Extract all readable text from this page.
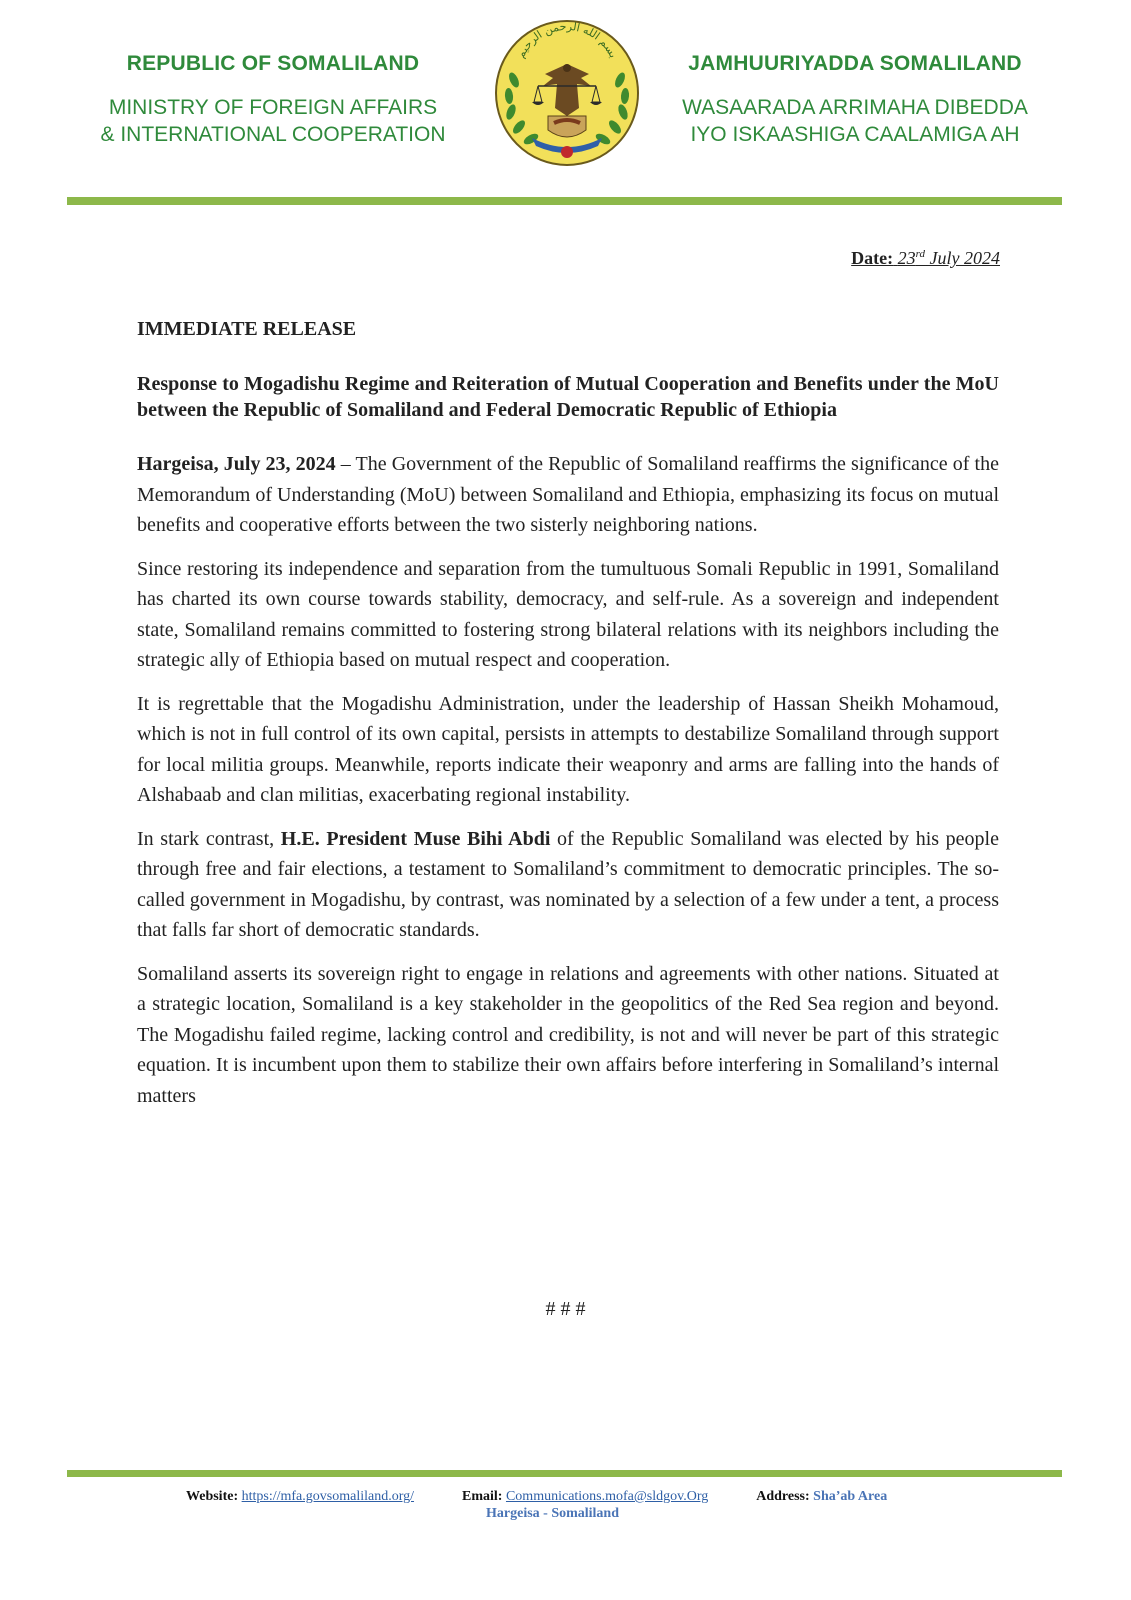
REPUBLIC OF SOMALILAND
MINISTRY OF FOREIGN AFFAIRS
& INTERNATIONAL COOPERATION
بسم الله الرحمن الرحيم	JAMHUURIYADDA SOMALILAND
WASAARADA ARRIMAHA DIBEDDA
IYO ISKAASHIGA CAALAMIGA AH
Date: 23rd July 2024

IMMEDIATE RELEASE

Response to Mogadishu Regime and Reiteration of Mutual Cooperation and Benefits under the MoU between the Republic of Somaliland and Federal Democratic Republic of Ethiopia

Hargeisa, July 23, 2024 – The Government of the Republic of Somaliland reaffirms the significance of the Memorandum of Understanding (MoU) between Somaliland and Ethiopia, emphasizing its focus on mutual benefits and cooperative efforts between the two sisterly neighboring nations.

Since restoring its independence and separation from the tumultuous Somali Republic in 1991, Somaliland has charted its own course towards stability, democracy, and self-rule. As a sovereign and independent state, Somaliland remains committed to fostering strong bilateral relations with its neighbors including the strategic ally of Ethiopia based on mutual respect and cooperation.

It is regrettable that the Mogadishu Administration, under the leadership of Hassan Sheikh Mohamoud, which is not in full control of its own capital, persists in attempts to destabilize Somaliland through support for local militia groups. Meanwhile, reports indicate their weaponry and arms are falling into the hands of Alshabaab and clan militias, exacerbating regional instability.

In stark contrast, H.E. President Muse Bihi Abdi of the Republic Somaliland was elected by his people through free and fair elections, a testament to Somaliland’s commitment to democratic principles. The so-called government in Mogadishu, by contrast, was nominated by a selection of a few under a tent, a process that falls far short of democratic standards.

Somaliland asserts its sovereign right to engage in relations and agreements with other nations. Situated at a strategic location, Somaliland is a key stakeholder in the geopolitics of the Red Sea region and beyond. The Mogadishu failed regime, lacking control and credibility, is not and will never be part of this strategic equation. It is incumbent upon them to stabilize their own affairs before interfering in Somaliland’s internal matters

# # #
Website: https://mfa.govsomaliland.org/	Email: Communications.mofa@sldgov.Org	Address: Sha’ab Area
Hargeisa - Somaliland
